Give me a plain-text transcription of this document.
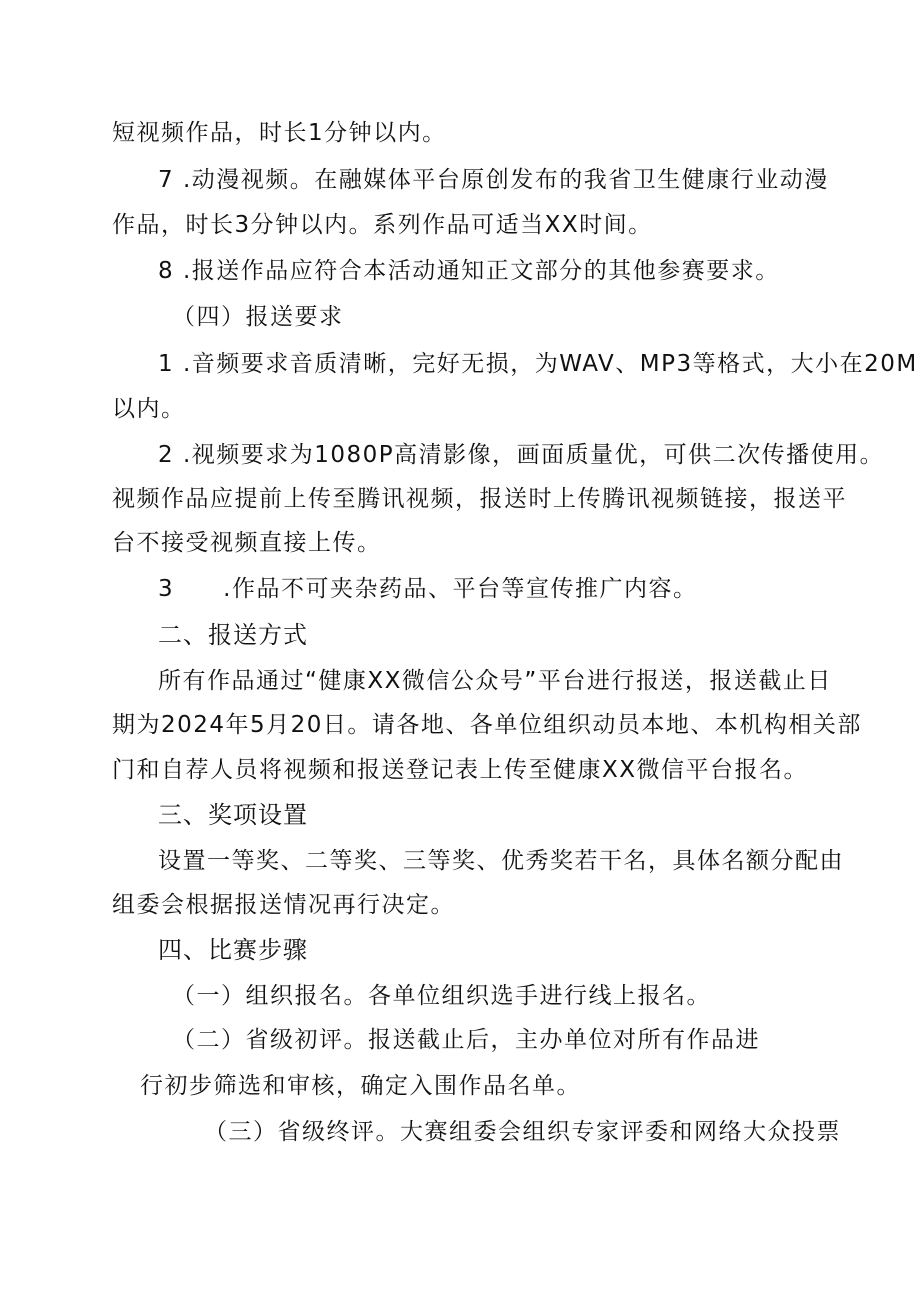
短视频作品，时长1分钟以内。
7 .动漫视频。在融媒体平台原创发布的我省卫生健康行业动漫
作品，时长3分钟以内。系列作品可适当XX时间。
8 .报送作品应符合本活动通知正文部分的其他参赛要求。
（四）报送要求
1 .音频要求音质清晰，完好无损，为WAV、MP3等格式，大小在20M
以内。
2 .视频要求为1080P高清影像，画面质量优，可供二次传播使用。
视频作品应提前上传至腾讯视频，报送时上传腾讯视频链接，报送平
台不接受视频直接上传。
3　　.作品不可夹杂药品、平台等宣传推广内容。
二、报送方式
所有作品通过“健康XX微信公众号”平台进行报送，报送截止日
期为2024年5月20日。请各地、各单位组织动员本地、本机构相关部
门和自荐人员将视频和报送登记表上传至健康XX微信平台报名。
三、奖项设置
设置一等奖、二等奖、三等奖、优秀奖若干名，具体名额分配由
组委会根据报送情况再行决定。
四、比赛步骤
（一）组织报名。各单位组织选手进行线上报名。
（二）省级初评。报送截止后，主办单位对所有作品进
行初步筛选和审核，确定入围作品名单。
（三）省级终评。大赛组委会组织专家评委和网络大众投票
